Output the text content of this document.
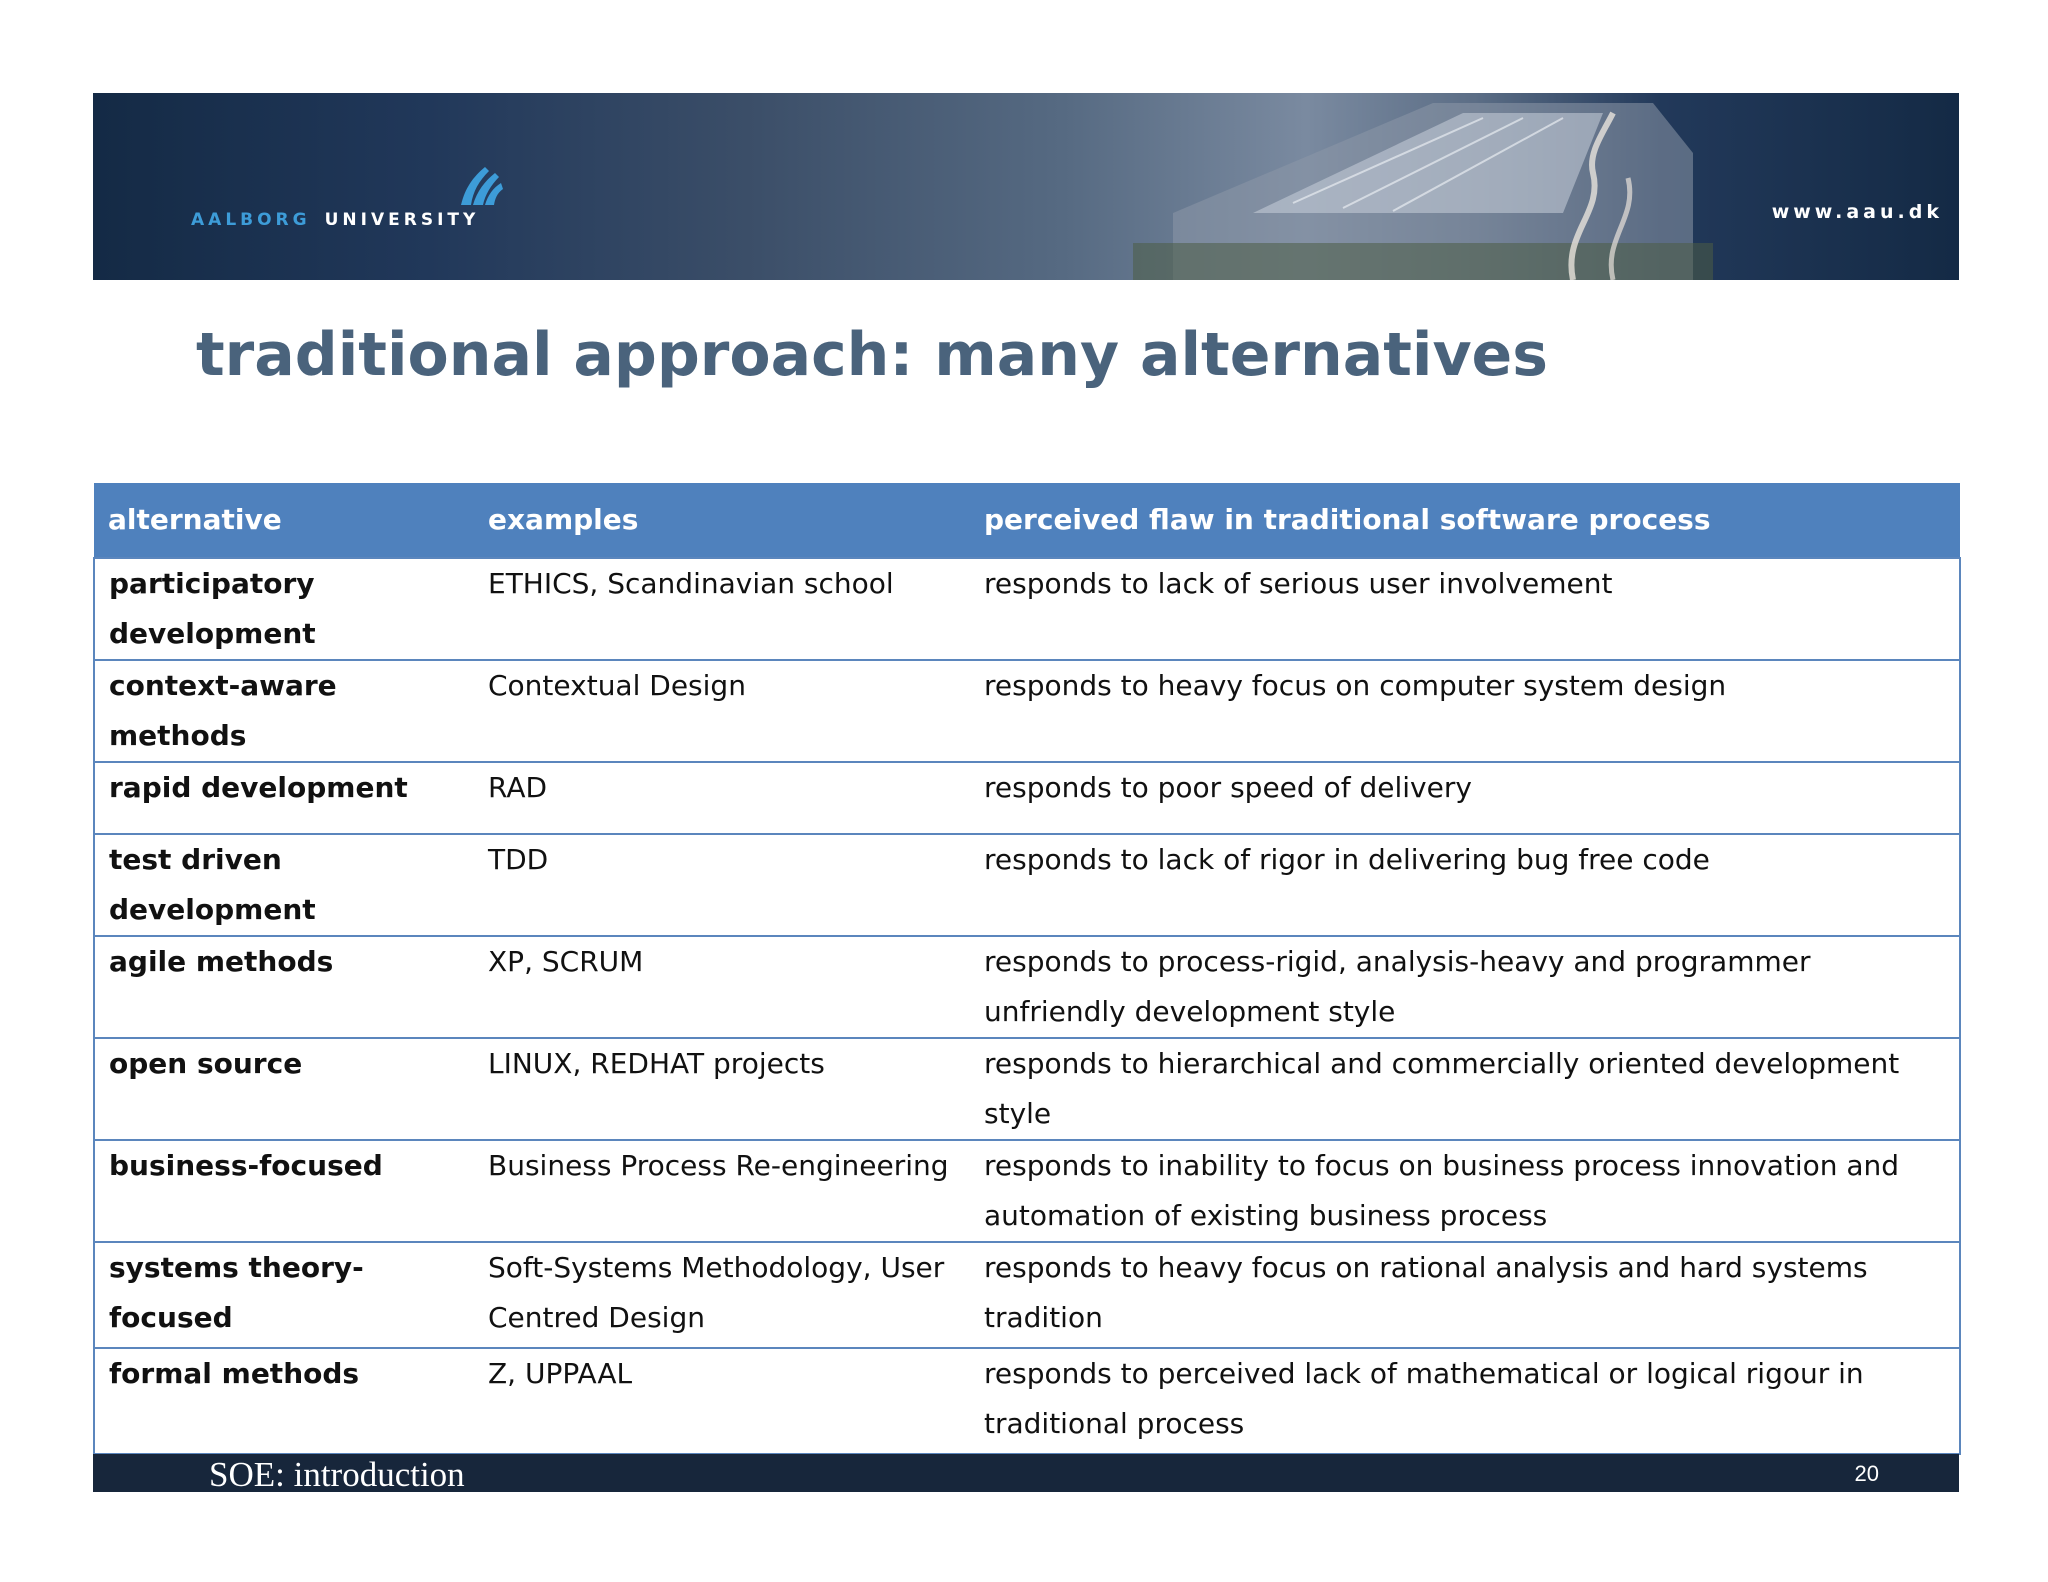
AALBORG UNIVERSITY	www.aau.dk
traditional approach: many alternatives
alternative	examples	perceived flaw in traditional software process
participatory development	ETHICS, Scandinavian school	responds to lack of serious user involvement
context-aware methods	Contextual Design	responds to heavy focus on computer system design
rapid development	RAD	responds to poor speed of delivery
test driven development	TDD	responds to lack of rigor in delivering bug free code
agile methods	XP, SCRUM	responds to process-rigid, analysis-heavy and programmer unfriendly development style
open source	LINUX, REDHAT projects	responds to hierarchical and commercially oriented development style
business-focused	Business Process Re-engineering	responds to inability to focus on business process innovation and automation of existing business process
systems theory-focused	Soft-Systems Methodology, User Centred Design	responds to heavy focus on rational analysis and hard systems tradition
formal methods	Z, UPPAAL	responds to perceived lack of mathematical or logical rigour in traditional process
SOE: introduction	20
